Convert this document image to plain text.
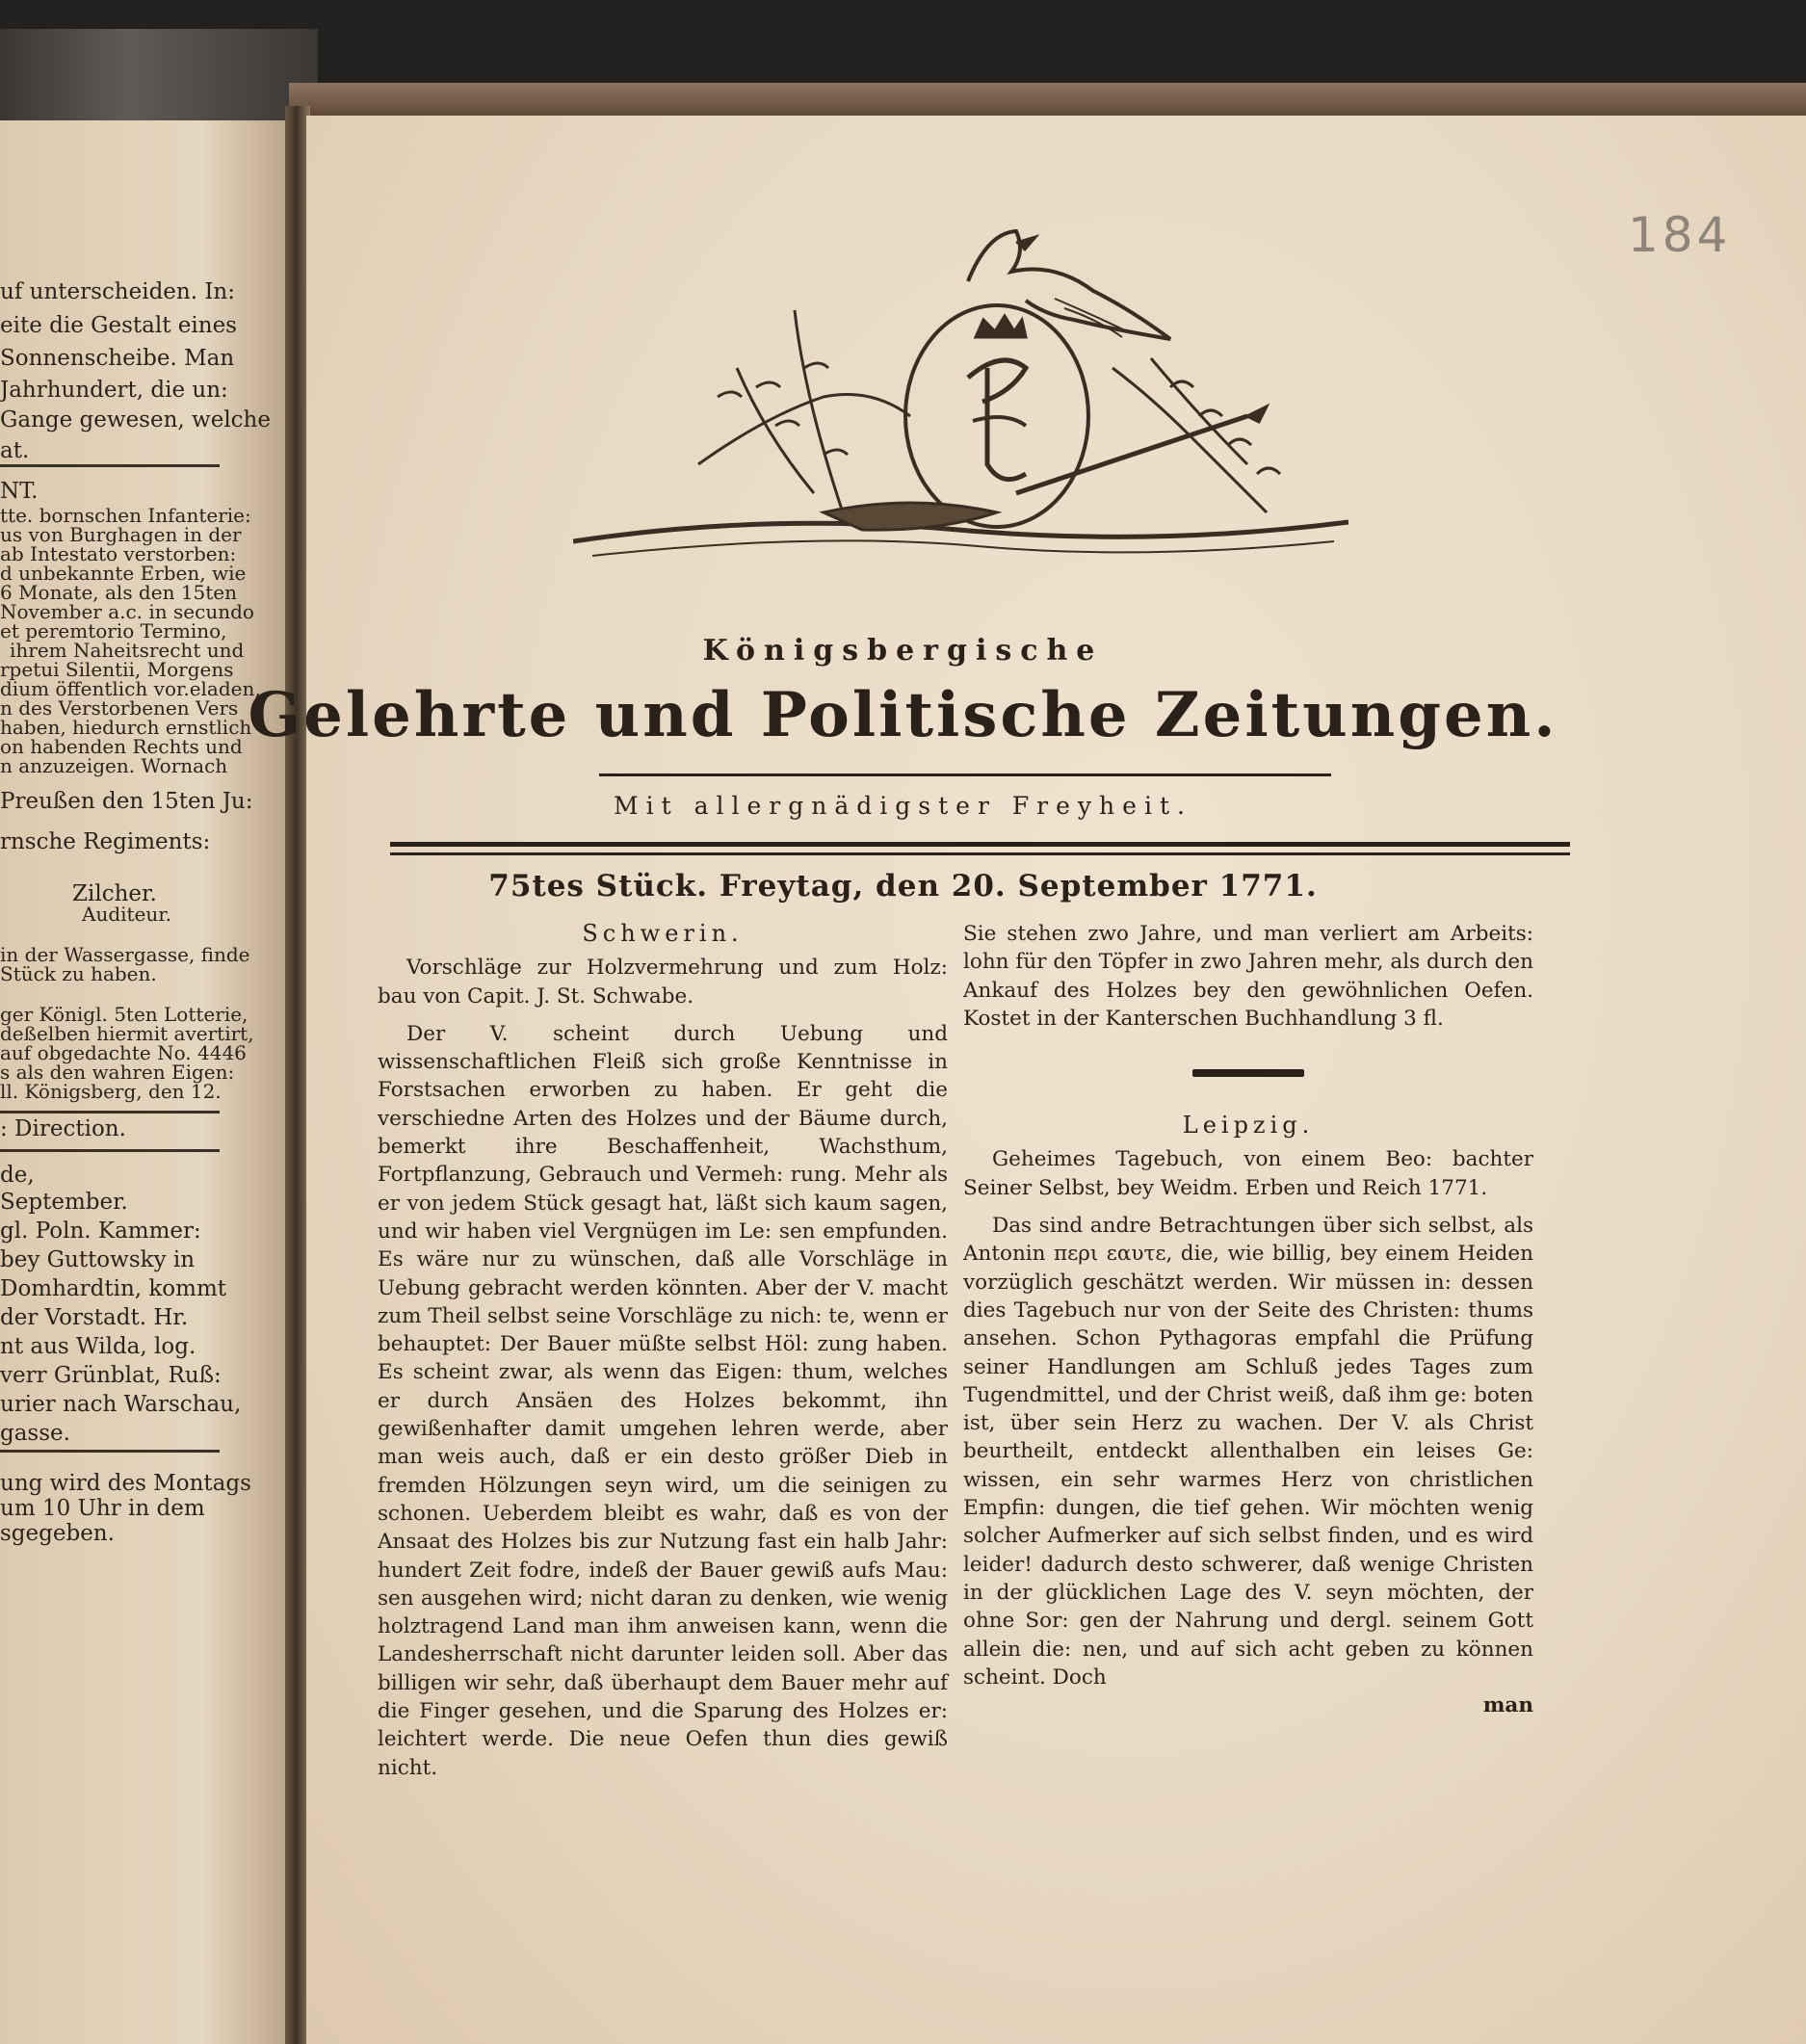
uf unterscheiden. In:
eite die Gestalt eines
Sonnenscheibe. Man
Jahrhundert, die un:
Gange gewesen, welche
at.
NT.
tte. bornschen Infanterie:
us von Burghagen in der
ab Intestato verstorben:
d unbekannte Erben, wie
6 Monate, als den 15ten
November a.c. in secundo
et peremtorio Termino,
ihrem Naheitsrecht und
rpetui Silentii, Morgens
dium öffentlich vor.eladen,
n des Verstorbenen Vers
haben, hiedurch ernstlich
on habenden Rechts und
n anzuzeigen. Wornach
Preußen den 15ten Ju:
rnsche Regiments:
Zilcher.
Auditeur.
in der Wassergasse, finde
Stück zu haben.
ger Königl. 5ten Lotterie,
deßelben hiermit avertirt,
auf obgedachte No. 4446
s als den wahren Eigen:
ll. Königsberg, den 12.
: Direction.
de,
September.
gl. Poln. Kammer:
bey Guttowsky in
Domhardtin, kommt
der Vorstadt. Hr.
nt aus Wilda, log.
verr Grünblat, Ruß:
urier nach Warschau,
gasse.
ung wird des Montags
um 10 Uhr in dem
sgegeben.
184
Königsbergische
Gelehrte und Politische Zeitungen.
Mit allergnädigster Freyheit.
75tes Stück. Freytag, den 20. September 1771.

Schwerin.

Vorschläge zur Holzvermehrung und zum Holz: bau von Capit. J. St. Schwabe.

Der V. scheint durch Uebung und wissenschaftlichen Fleiß sich große Kenntnisse in Forstsachen erworben zu haben. Er geht die verschiedne Arten des Holzes und der Bäume durch, bemerkt ihre Beschaffenheit, Wachsthum, Fortpflanzung, Gebrauch und Vermeh: rung. Mehr als er von jedem Stück gesagt hat, läßt sich kaum sagen, und wir haben viel Vergnügen im Le: sen empfunden. Es wäre nur zu wünschen, daß alle Vorschläge in Uebung gebracht werden könnten. Aber der V. macht zum Theil selbst seine Vorschläge zu nich: te, wenn er behauptet: Der Bauer müßte selbst Höl: zung haben. Es scheint zwar, als wenn das Eigen: thum, welches er durch Ansäen des Holzes bekommt, ihn gewißenhafter damit umgehen lehren werde, aber man weis auch, daß er ein desto größer Dieb in fremden Hölzungen seyn wird, um die seinigen zu schonen. Ueberdem bleibt es wahr, daß es von der Ansaat des Holzes bis zur Nutzung fast ein halb Jahr: hundert Zeit fodre, indeß der Bauer gewiß aufs Mau: sen ausgehen wird; nicht daran zu denken, wie wenig holztragend Land man ihm anweisen kann, wenn die Landesherrschaft nicht darunter leiden soll. Aber das billigen wir sehr, daß überhaupt dem Bauer mehr auf die Finger gesehen, und die Sparung des Holzes er: leichtert werde. Die neue Oefen thun dies gewiß nicht.

Sie stehen zwo Jahre, und man verliert am Arbeits: lohn für den Töpfer in zwo Jahren mehr, als durch den Ankauf des Holzes bey den gewöhnlichen Oefen. Kostet in der Kanterschen Buchhandlung 3 fl.

Leipzig.

Geheimes Tagebuch, von einem Beo: bachter Seiner Selbst, bey Weidm. Erben und Reich 1771.

Das sind andre Betrachtungen über sich selbst, als Antonin περι εαυτε, die, wie billig, bey einem Heiden vorzüglich geschätzt werden. Wir müssen in: dessen dies Tagebuch nur von der Seite des Christen: thums ansehen. Schon Pythagoras empfahl die Prüfung seiner Handlungen am Schluß jedes Tages zum Tugendmittel, und der Christ weiß, daß ihm ge: boten ist, über sein Herz zu wachen. Der V. als Christ beurtheilt, entdeckt allenthalben ein leises Ge: wissen, ein sehr warmes Herz von christlichen Empfin: dungen, die tief gehen. Wir möchten wenig solcher Aufmerker auf sich selbst finden, und es wird leider! dadurch desto schwerer, daß wenige Christen in der glücklichen Lage des V. seyn möchten, der ohne Sor: gen der Nahrung und dergl. seinem Gott allein die: nen, und auf sich acht geben zu können scheint. Doch

man
